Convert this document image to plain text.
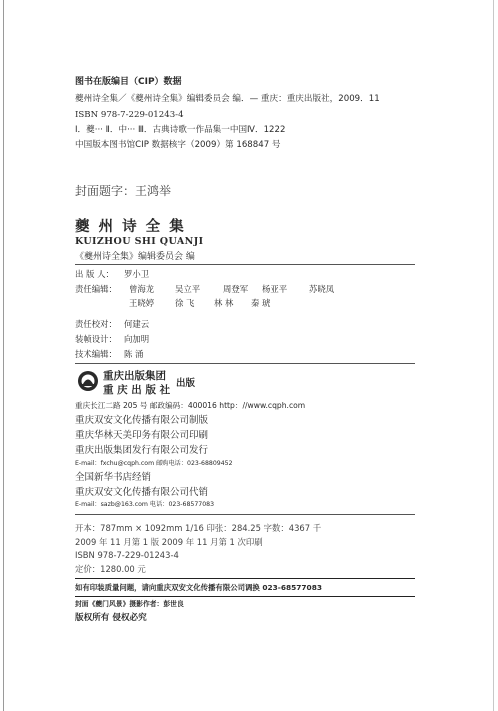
图书在版编目（CIP）数据
夔州诗全集／《夔州诗全集》编辑委员会 编．— 重庆：重庆出版社，2009．11
ISBN 978-7-229-01243-4
Ⅰ．夔··· Ⅱ．中··· Ⅲ．古典诗歌一作品集一中国Ⅳ．1222
中国版本图书馆CIP 数据核字（2009）第 168847 号
封面题字：王鸿举
夔 州 诗 全 集
KUIZHOU SHI QUANJI
《夔州诗全集》编辑委员会 编
出 版 人： 罗小卫
责任编辑： 曾海龙 吴立平	周登军 杨亚平	苏晓凤
王晓婷 徐 飞 林 林 秦 琥
责任校对： 何建云
装帧设计： 向加明
技术编辑： 陈 涌
重庆出版集团
重 庆 出 版 社
出版
重庆长江二路 205 号 邮政编码：400016 http：//www.cqph.com
重庆双安文化传播有限公司制版
重庆华林天美印务有限公司印刷
重庆出版集团发行有限公司发行
E-mail：fxchu@cqph.com 邮购电话：023-68809452
全国新华书店经销
重庆双安文化传播有限公司代销
E-mail：sazb@163.com 电话：023-68577083
开本：787mm × 1092mm 1/16 印张：284.25 字数：4367 千
2009 年 11 月第 1 版 2009 年 11 月第 1 次印刷
ISBN 978-7-229-01243-4
定价：1280.00 元
如有印装质量问题，请向重庆双安文化传播有限公司调换 023-68577083
封面《夔门风景》摄影作者：彭世良
版权所有 侵权必究
